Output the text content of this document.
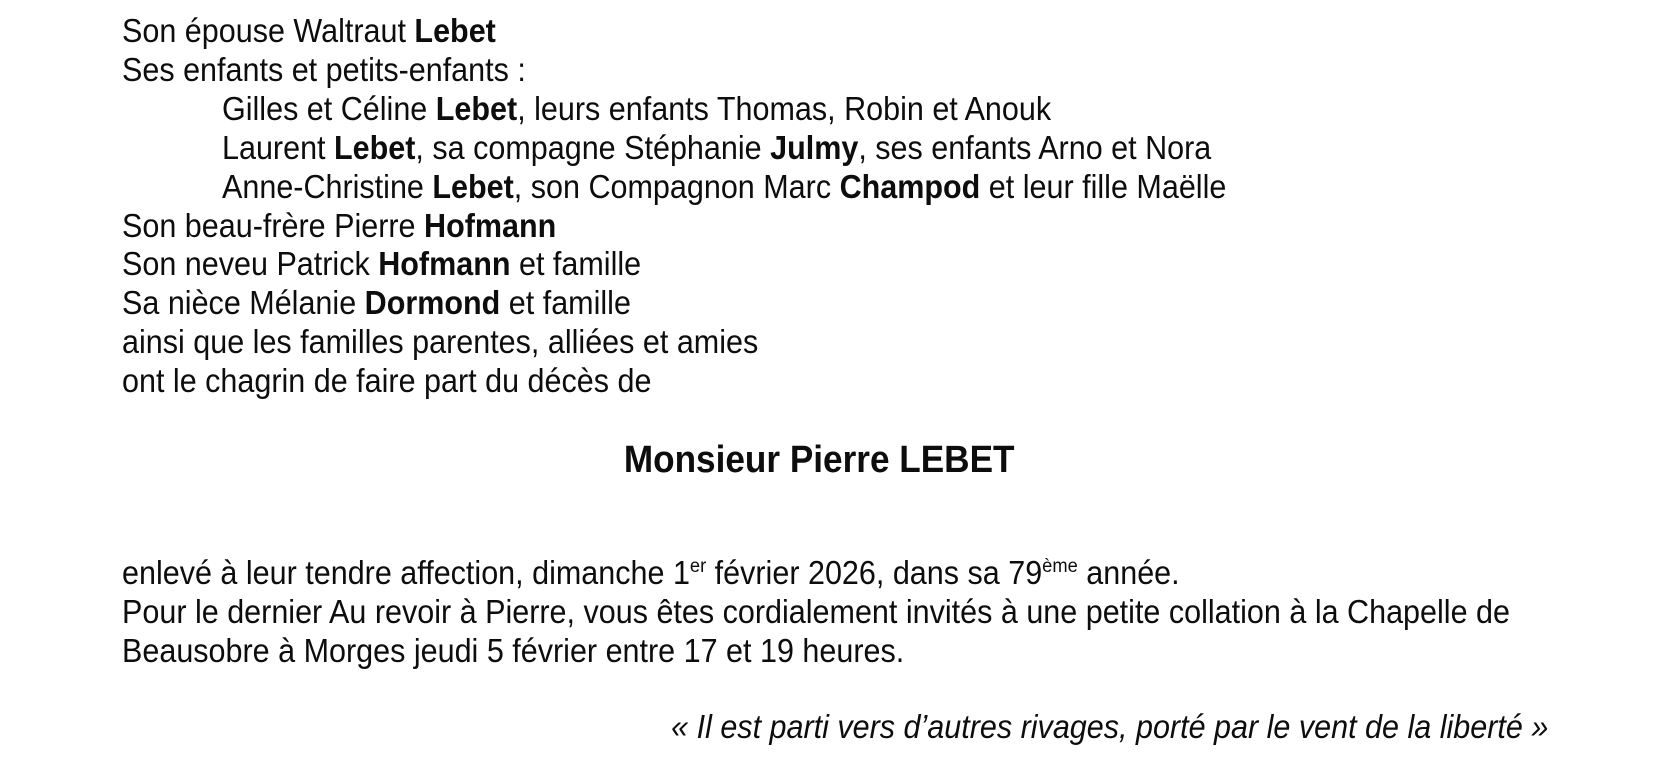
Son épouse Waltraut Lebet
Ses enfants et petits-enfants :
Gilles et Céline Lebet, leurs enfants Thomas, Robin et Anouk
Laurent Lebet, sa compagne Stéphanie Julmy, ses enfants Arno et Nora
Anne-Christine Lebet, son Compagnon Marc Champod et leur fille Maëlle
Son beau-frère Pierre Hofmann
Son neveu Patrick Hofmann et famille
Sa nièce Mélanie Dormond et famille
ainsi que les familles parentes, alliées et amies
ont le chagrin de faire part du décès de
Monsieur Pierre LEBET
enlevé à leur tendre affection, dimanche 1er février 2026, dans sa 79ème année.
Pour le dernier Au revoir à Pierre, vous êtes cordialement invités à une petite collation à la Chapelle de
Beausobre à Morges jeudi 5 février entre 17 et 19 heures.
« Il est parti vers d’autres rivages, porté par le vent de la liberté »
